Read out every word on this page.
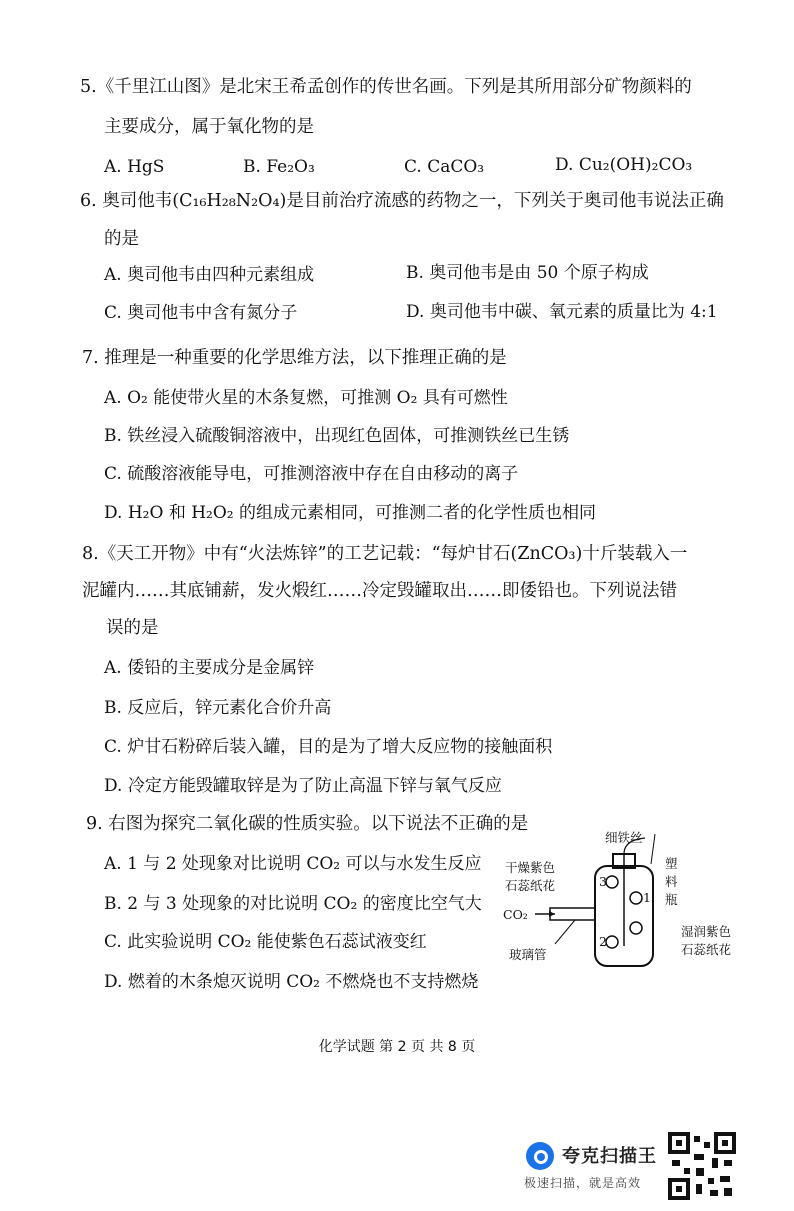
5.《千里江山图》是北宋王希孟创作的传世名画。下列是其所用部分矿物颜料的
主要成分，属于氧化物的是
A. HgS	B. Fe₂O₃	C. CaCO₃	D. Cu₂(OH)₂CO₃
6. 奥司他韦(C₁₆H₂₈N₂O₄)是目前治疗流感的药物之一，下列关于奥司他韦说法正确
的是
A. 奥司他韦由四种元素组成	B. 奥司他韦是由 50 个原子构成
C. 奥司他韦中含有氮分子	D. 奥司他韦中碳、氧元素的质量比为 4:1
7. 推理是一种重要的化学思维方法，以下推理正确的是
A. O₂ 能使带火星的木条复燃，可推测 O₂ 具有可燃性
B. 铁丝浸入硫酸铜溶液中，出现红色固体，可推测铁丝已生锈
C. 硫酸溶液能导电，可推测溶液中存在自由移动的离子
D. H₂O 和 H₂O₂ 的组成元素相同，可推测二者的化学性质也相同
8.《天工开物》中有“火法炼锌”的工艺记载：“每炉甘石(ZnCO₃)十斤装载入一
泥罐内……其底铺薪，发火煅红……冷定毁罐取出……即倭铅也。下列说法错
误的是
A. 倭铅的主要成分是金属锌
B. 反应后，锌元素化合价升高
C. 炉甘石粉碎后装入罐，目的是为了增大反应物的接触面积
D. 冷定方能毁罐取锌是为了防止高温下锌与氧气反应
9. 右图为探究二氧化碳的性质实验。以下说法不正确的是
A. 1 与 2 处现象对比说明 CO₂ 可以与水发生反应
B. 2 与 3 处现象的对比说明 CO₂ 的密度比空气大
C. 此实验说明 CO₂ 能使紫色石蕊试液变红
D. 燃着的木条熄灭说明 CO₂ 不燃烧也不支持燃烧
细铁丝
干燥紫色
石蕊纸花
塑
料
瓶
CO₂
玻璃管
湿润紫色
石蕊纸花
1
2
3
化学试题 第 2 页 共 8 页
夸克扫描王
极速扫描，就是高效
